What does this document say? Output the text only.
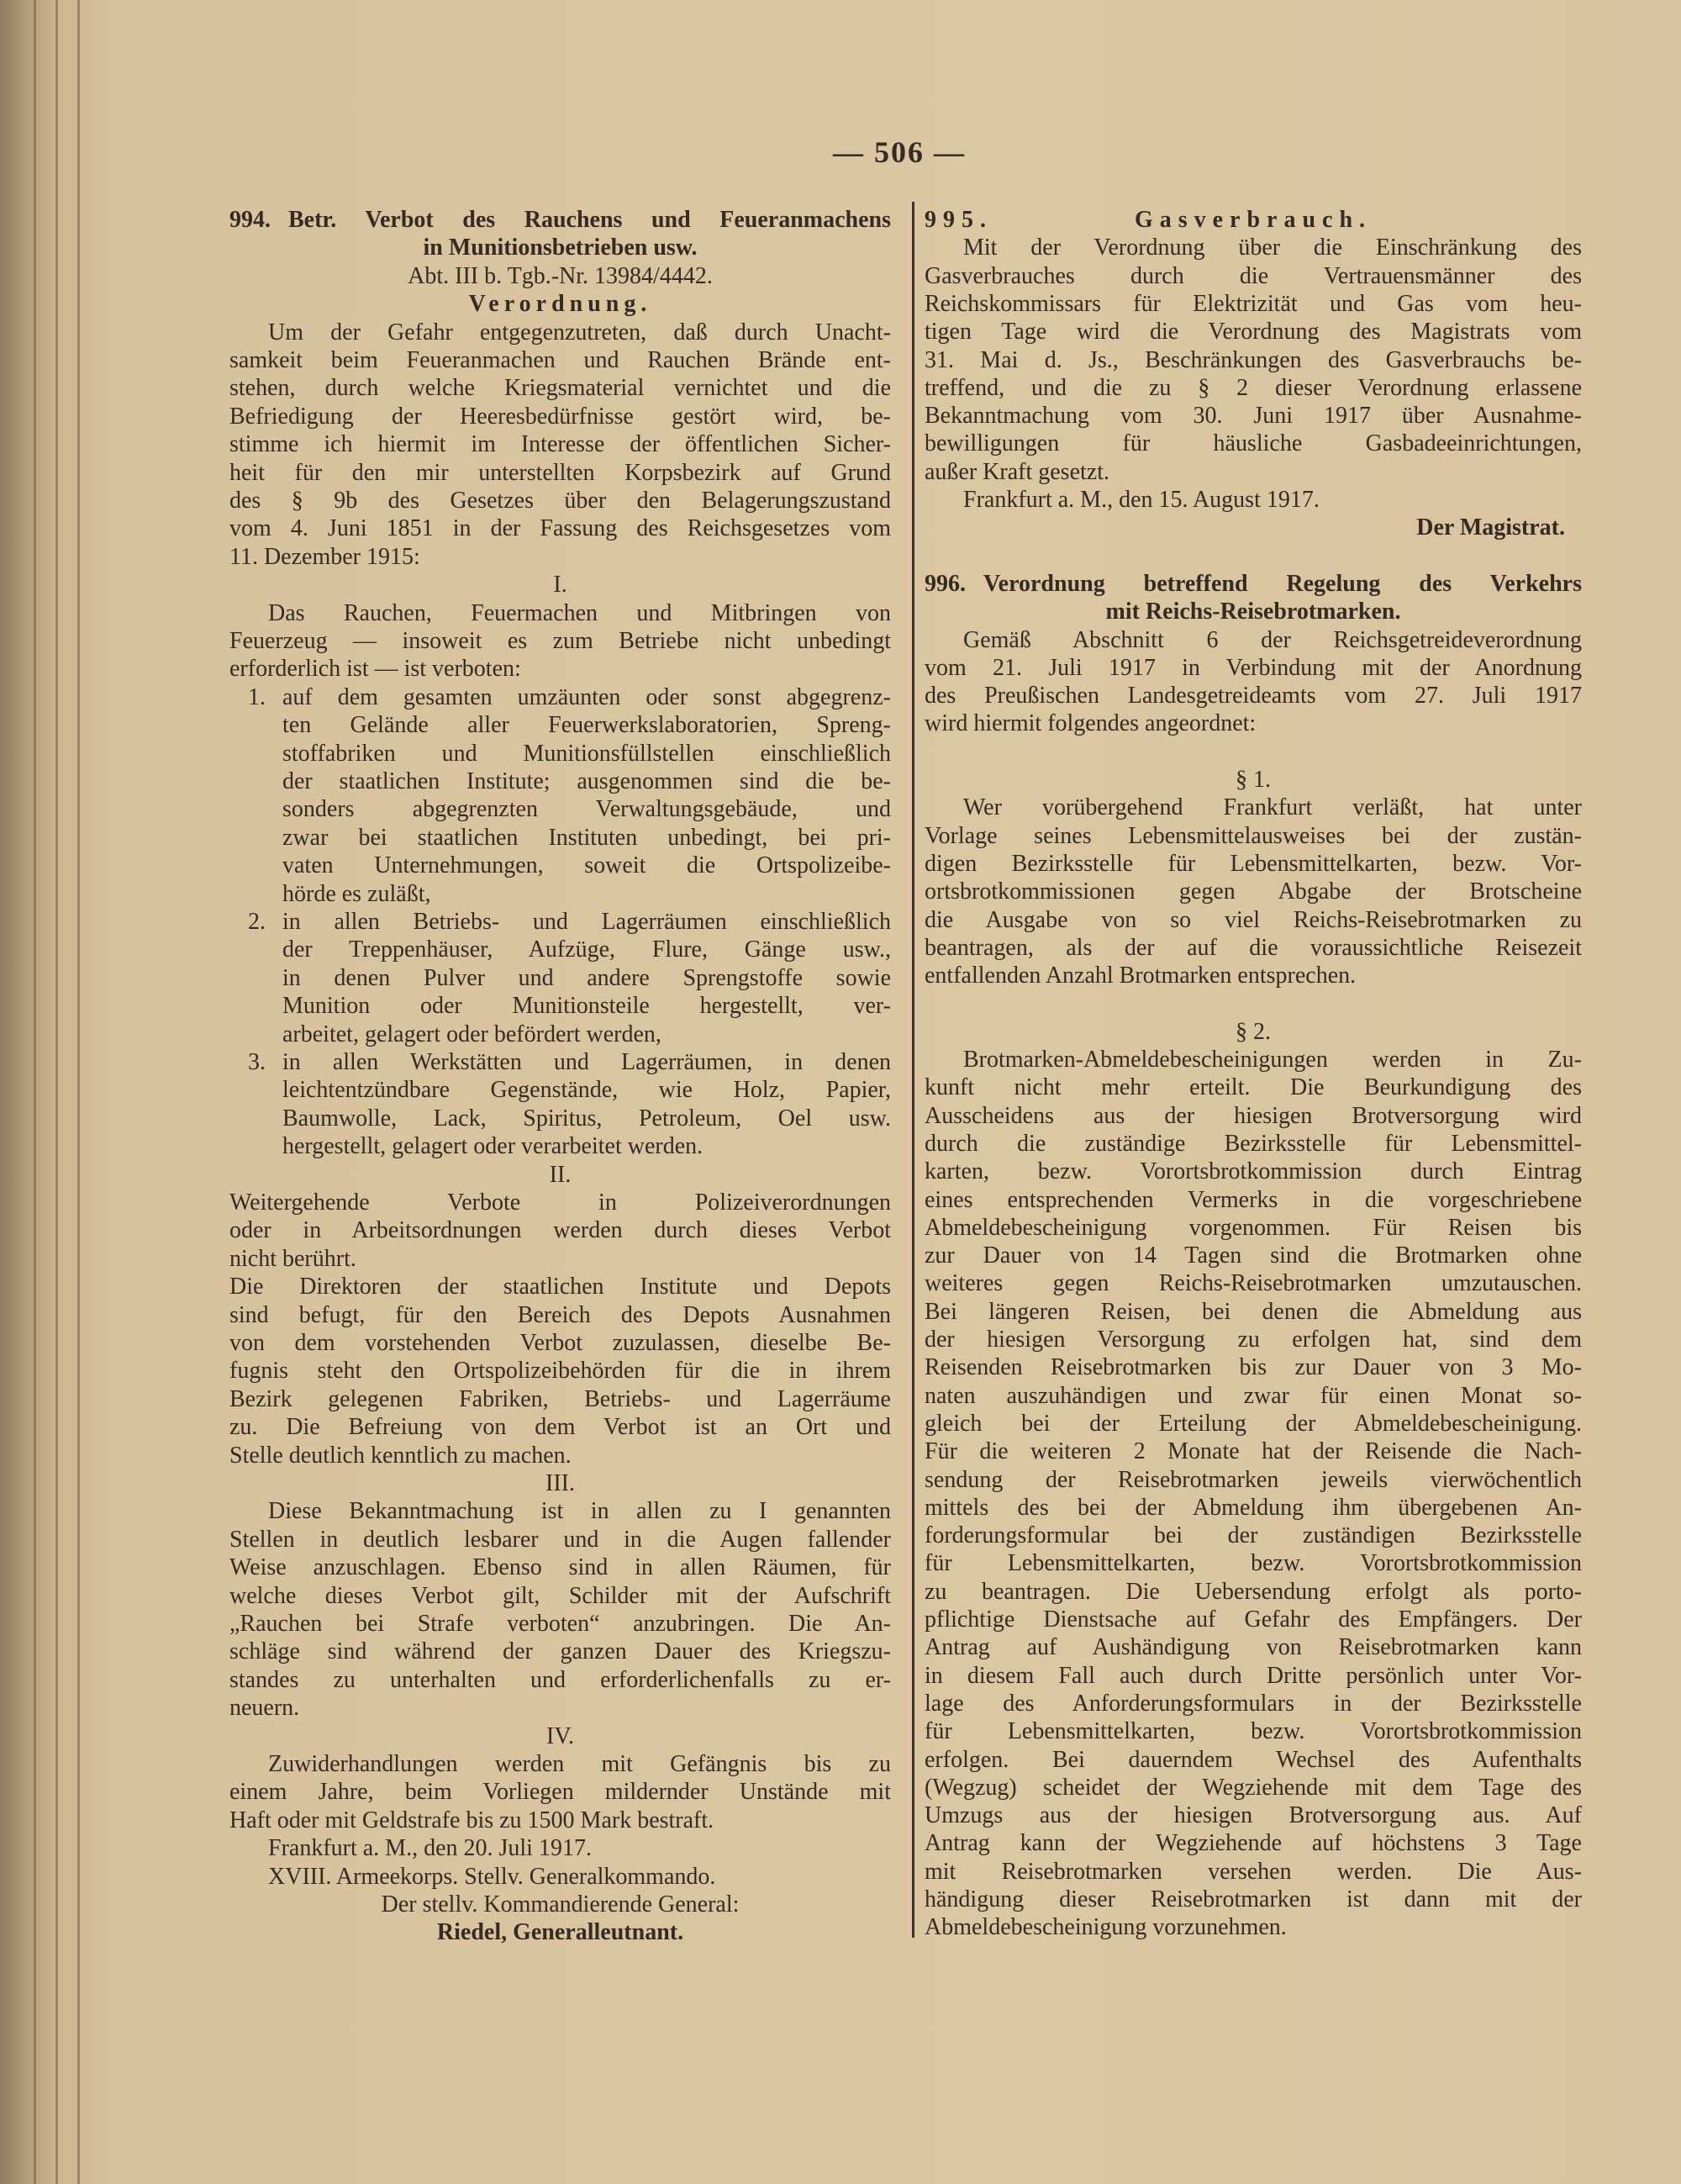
— 506 —
994. Betr. Verbot des Rauchens und Feueranmachens
in Munitionsbetrieben usw.
Abt. III b. Tgb.-Nr. 13984/4442.
Verordnung.
Um der Gefahr entgegenzutreten, daß durch Unacht-
samkeit beim Feueranmachen und Rauchen Brände ent-
stehen, durch welche Kriegsmaterial vernichtet und die
Befriedigung der Heeresbedürfnisse gestört wird, be-
stimme ich hiermit im Interesse der öffentlichen Sicher-
heit für den mir unterstellten Korpsbezirk auf Grund
des § 9b des Gesetzes über den Belagerungszustand
vom 4. Juni 1851 in der Fassung des Reichsgesetzes vom
11. Dezember 1915:
I.
Das Rauchen, Feuermachen und Mitbringen von
Feuerzeug — insoweit es zum Betriebe nicht unbedingt
erforderlich ist — ist verboten:
1. auf dem gesamten umzäunten oder sonst abgegrenz-
ten Gelände aller Feuerwerkslaboratorien, Spreng-
stoffabriken und Munitionsfüllstellen einschließlich
der staatlichen Institute; ausgenommen sind die be-
sonders abgegrenzten Verwaltungsgebäude, und
zwar bei staatlichen Instituten unbedingt, bei pri-
vaten Unternehmungen, soweit die Ortspolizeibe-
hörde es zuläßt,
2. in allen Betriebs- und Lagerräumen einschließlich
der Treppenhäuser, Aufzüge, Flure, Gänge usw.,
in denen Pulver und andere Sprengstoffe sowie
Munition oder Munitionsteile hergestellt, ver-
arbeitet, gelagert oder befördert werden,
3. in allen Werkstätten und Lagerräumen, in denen
leichtentzündbare Gegenstände, wie Holz, Papier,
Baumwolle, Lack, Spiritus, Petroleum, Oel usw.
hergestellt, gelagert oder verarbeitet werden.
II.
Weitergehende Verbote in Polizeiverordnungen
oder in Arbeitsordnungen werden durch dieses Verbot
nicht berührt.
Die Direktoren der staatlichen Institute und Depots
sind befugt, für den Bereich des Depots Ausnahmen
von dem vorstehenden Verbot zuzulassen, dieselbe Be-
fugnis steht den Ortspolizeibehörden für die in ihrem
Bezirk gelegenen Fabriken, Betriebs- und Lagerräume
zu. Die Befreiung von dem Verbot ist an Ort und
Stelle deutlich kenntlich zu machen.
III.
Diese Bekanntmachung ist in allen zu I genannten
Stellen in deutlich lesbarer und in die Augen fallender
Weise anzuschlagen. Ebenso sind in allen Räumen, für
welche dieses Verbot gilt, Schilder mit der Aufschrift
„Rauchen bei Strafe verboten“ anzubringen. Die An-
schläge sind während der ganzen Dauer des Kriegszu-
standes zu unterhalten und erforderlichenfalls zu er-
neuern.
IV.
Zuwiderhandlungen werden mit Gefängnis bis zu
einem Jahre, beim Vorliegen mildernder Unstände mit
Haft oder mit Geldstrafe bis zu 1500 Mark bestraft.
Frankfurt a. M., den 20. Juli 1917.
XVIII. Armeekorps. Stellv. Generalkommando.
Der stellv. Kommandierende General:
Riedel, Generalleutnant.
995.	Gasverbrauch.
Mit der Verordnung über die Einschränkung des
Gasverbrauches durch die Vertrauensmänner des
Reichskommissars für Elektrizität und Gas vom heu-
tigen Tage wird die Verordnung des Magistrats vom
31. Mai d. Js., Beschränkungen des Gasverbrauchs be-
treffend, und die zu § 2 dieser Verordnung erlassene
Bekanntmachung vom 30. Juni 1917 über Ausnahme-
bewilligungen für häusliche Gasbadeeinrichtungen,
außer Kraft gesetzt.
Frankfurt a. M., den 15. August 1917.
Der Magistrat.
996. Verordnung betreffend Regelung des Verkehrs
mit Reichs-Reisebrotmarken.
Gemäß Abschnitt 6 der Reichsgetreideverordnung
vom 21. Juli 1917 in Verbindung mit der Anordnung
des Preußischen Landesgetreideamts vom 27. Juli 1917
wird hiermit folgendes angeordnet:
§ 1.
Wer vorübergehend Frankfurt verläßt, hat unter
Vorlage seines Lebensmittelausweises bei der zustän-
digen Bezirksstelle für Lebensmittelkarten, bezw. Vor-
ortsbrotkommissionen gegen Abgabe der Brotscheine
die Ausgabe von so viel Reichs-Reisebrotmarken zu
beantragen, als der auf die voraussichtliche Reisezeit
entfallenden Anzahl Brotmarken entsprechen.
§ 2.
Brotmarken-Abmeldebescheinigungen werden in Zu-
kunft nicht mehr erteilt. Die Beurkundigung des
Ausscheidens aus der hiesigen Brotversorgung wird
durch die zuständige Bezirksstelle für Lebensmittel-
karten, bezw. Vorortsbrotkommission durch Eintrag
eines entsprechenden Vermerks in die vorgeschriebene
Abmeldebescheinigung vorgenommen. Für Reisen bis
zur Dauer von 14 Tagen sind die Brotmarken ohne
weiteres gegen Reichs-Reisebrotmarken umzutauschen.
Bei längeren Reisen, bei denen die Abmeldung aus
der hiesigen Versorgung zu erfolgen hat, sind dem
Reisenden Reisebrotmarken bis zur Dauer von 3 Mo-
naten auszuhändigen und zwar für einen Monat so-
gleich bei der Erteilung der Abmeldebescheinigung.
Für die weiteren 2 Monate hat der Reisende die Nach-
sendung der Reisebrotmarken jeweils vierwöchentlich
mittels des bei der Abmeldung ihm übergebenen An-
forderungsformular bei der zuständigen Bezirksstelle
für Lebensmittelkarten, bezw. Vorortsbrotkommission
zu beantragen. Die Uebersendung erfolgt als porto-
pflichtige Dienstsache auf Gefahr des Empfängers. Der
Antrag auf Aushändigung von Reisebrotmarken kann
in diesem Fall auch durch Dritte persönlich unter Vor-
lage des Anforderungsformulars in der Bezirksstelle
für Lebensmittelkarten, bezw. Vorortsbrotkommission
erfolgen. Bei dauerndem Wechsel des Aufenthalts
(Wegzug) scheidet der Wegziehende mit dem Tage des
Umzugs aus der hiesigen Brotversorgung aus. Auf
Antrag kann der Wegziehende auf höchstens 3 Tage
mit Reisebrotmarken versehen werden. Die Aus-
händigung dieser Reisebrotmarken ist dann mit der
Abmeldebescheinigung vorzunehmen.
